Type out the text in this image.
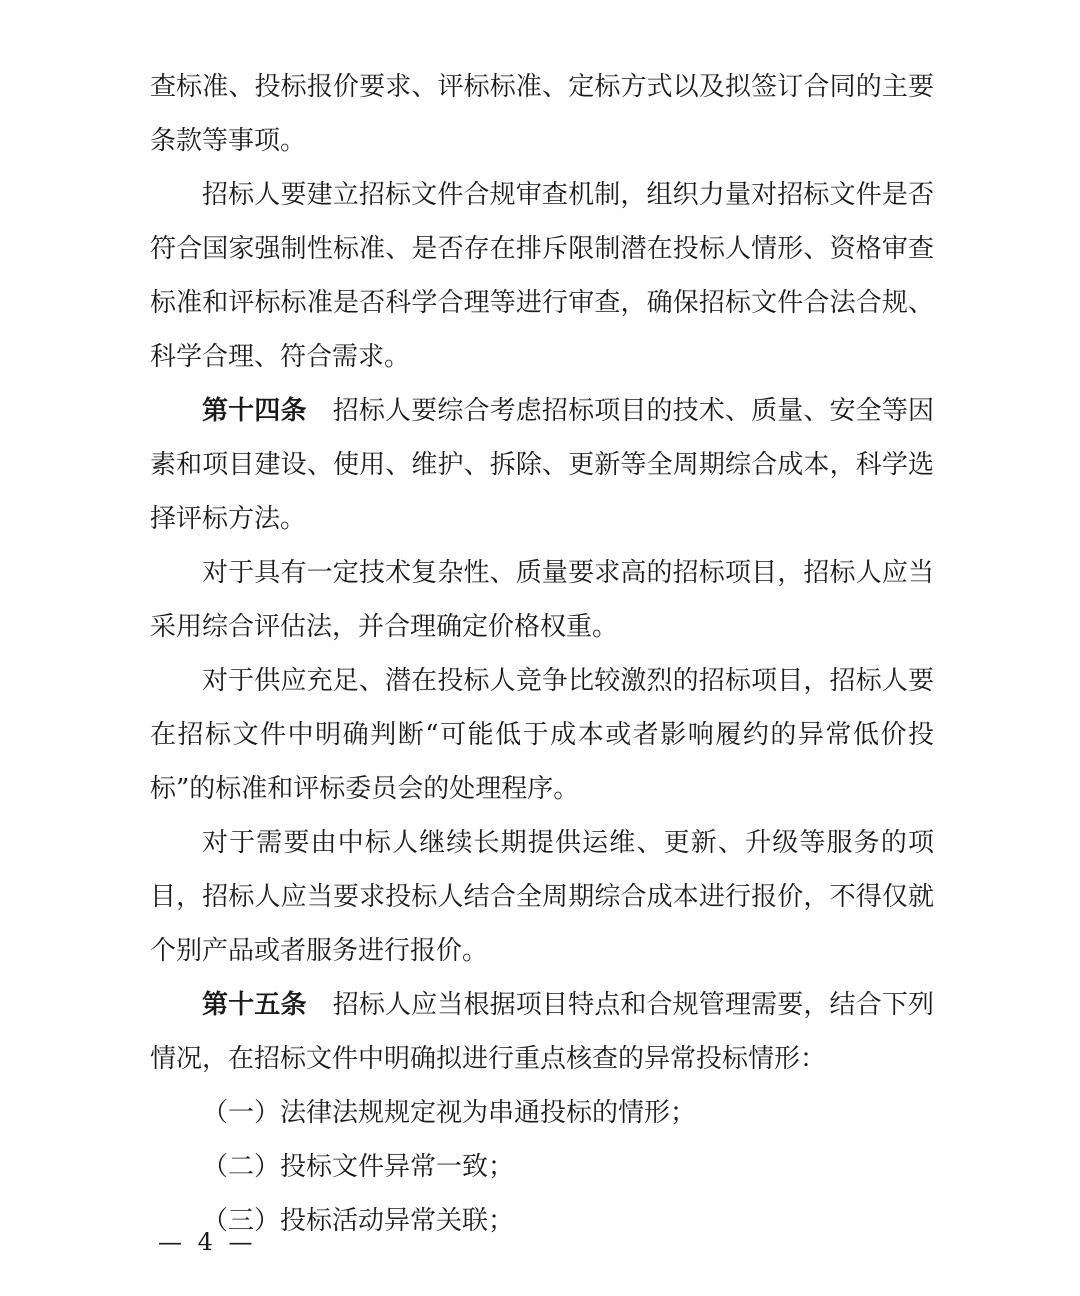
查标准、投标报价要求、评标标准、定标方式以及拟签订合同的主要条款等事项。

招标人要建立招标文件合规审查机制，组织力量对招标文件是否符合国家强制性标准、是否存在排斥限制潜在投标人情形、资格审查标准和评标标准是否科学合理等进行审查，确保招标文件合法合规、科学合理、符合需求。

第十四条  招标人要综合考虑招标项目的技术、质量、安全等因素和项目建设、使用、维护、拆除、更新等全周期综合成本，科学选择评标方法。

对于具有一定技术复杂性、质量要求高的招标项目，招标人应当采用综合评估法，并合理确定价格权重。

对于供应充足、潜在投标人竞争比较激烈的招标项目，招标人要在招标文件中明确判断“可能低于成本或者影响履约的异常低价投标”的标准和评标委员会的处理程序。

对于需要由中标人继续长期提供运维、更新、升级等服务的项目，招标人应当要求投标人结合全周期综合成本进行报价，不得仅就个别产品或者服务进行报价。

第十五条  招标人应当根据项目特点和合规管理需要，结合下列情况，在招标文件中明确拟进行重点核查的异常投标情形：

（一）法律法规规定视为串通投标的情形；

（二）投标文件异常一致；

（三）投标活动异常关联；

— 4 —
